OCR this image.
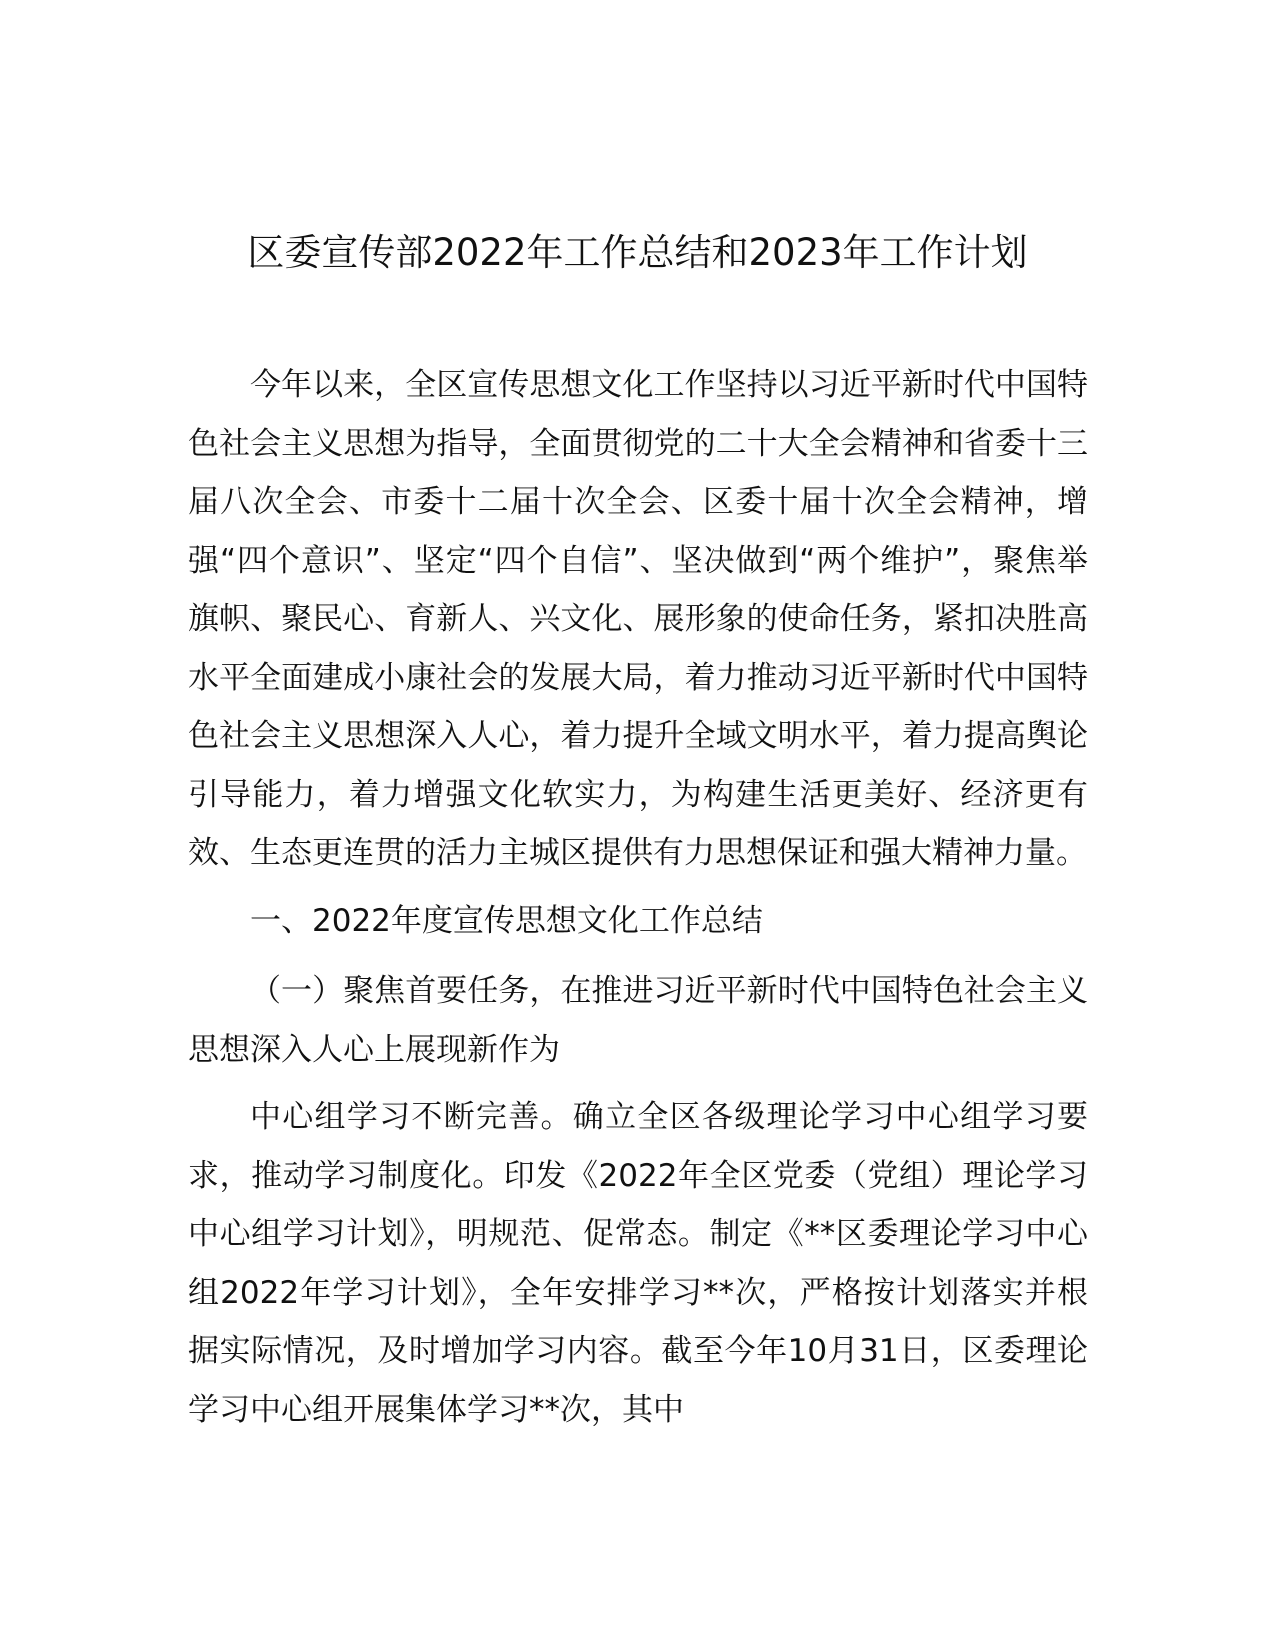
区委宣传部2022年工作总结和2023年工作计划

今年以来，全区宣传思想文化工作坚持以习近平新时代中国特色社会主义思想为指导，全面贯彻党的二十大全会精神和省委十三届八次全会、市委十二届十次全会、区委十届十次全会精神，增强“四个意识”、坚定“四个自信”、坚决做到“两个维护”，聚焦举旗帜、聚民心、育新人、兴文化、展形象的使命任务，紧扣决胜高水平全面建成小康社会的发展大局，着力推动习近平新时代中国特色社会主义思想深入人心，着力提升全域文明水平，着力提高舆论引导能力，着力增强文化软实力，为构建生活更美好、经济更有效、生态更连贯的活力主城区提供有力思想保证和强大精神力量。

一、2022年度宣传思想文化工作总结

（一）聚焦首要任务，在推进习近平新时代中国特色社会主义思想深入人心上展现新作为

中心组学习不断完善。确立全区各级理论学习中心组学习要求，推动学习制度化。印发《2022年全区党委（党组）理论学习中心组学习计划》，明规范、促常态。制定《**区委理论学习中心组2022年学习计划》，全年安排学习**次，严格按计划落实并根据实际情况，及时增加学习内容。截至今年10月31日，区委理论学习中心组开展集体学习**次，其中
